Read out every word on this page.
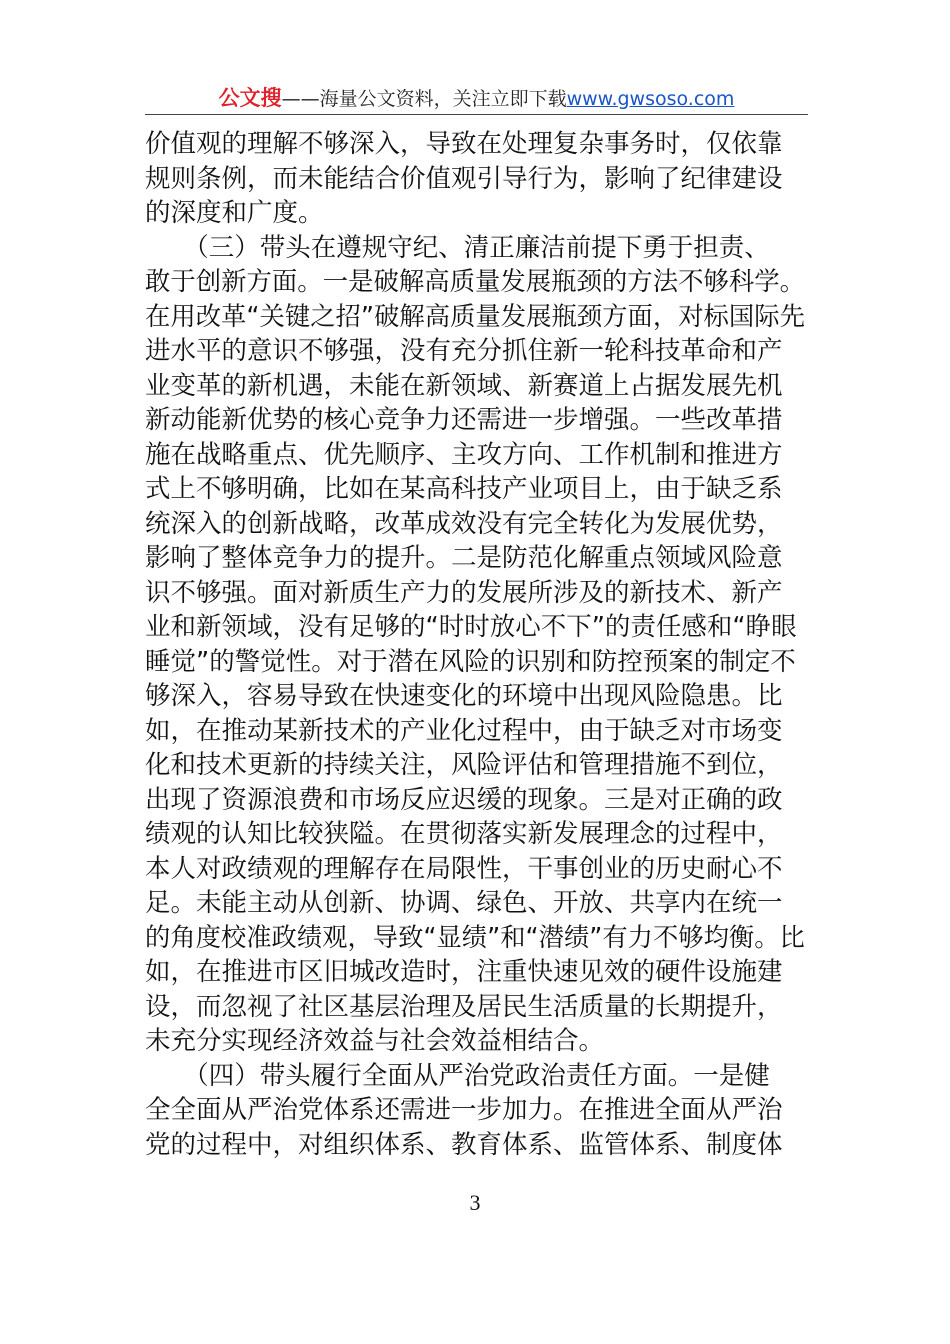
公文搜——海量公文资料，关注立即下载www.gwsoso.com
价值观的理解不够深入，导致在处理复杂事务时，仅依靠
规则条例，而未能结合价值观引导行为，影响了纪律建设
的深度和广度。
　　（三）带头在遵规守纪、清正廉洁前提下勇于担责、
敢于创新方面。一是破解高质量发展瓶颈的方法不够科学。
在用改革“关键之招”破解高质量发展瓶颈方面，对标国际先
进水平的意识不够强，没有充分抓住新一轮科技革命和产
业变革的新机遇，未能在新领域、新赛道上占据发展先机
新动能新优势的核心竞争力还需进一步增强。一些改革措
施在战略重点、优先顺序、主攻方向、工作机制和推进方
式上不够明确，比如在某高科技产业项目上，由于缺乏系
统深入的创新战略，改革成效没有完全转化为发展优势，
影响了整体竞争力的提升。二是防范化解重点领域风险意
识不够强。面对新质生产力的发展所涉及的新技术、新产
业和新领域，没有足够的“时时放心不下”的责任感和“睁眼
睡觉”的警觉性。对于潜在风险的识别和防控预案的制定不
够深入，容易导致在快速变化的环境中出现风险隐患。比
如，在推动某新技术的产业化过程中，由于缺乏对市场变
化和技术更新的持续关注，风险评估和管理措施不到位，
出现了资源浪费和市场反应迟缓的现象。三是对正确的政
绩观的认知比较狭隘。在贯彻落实新发展理念的过程中，
本人对政绩观的理解存在局限性，干事创业的历史耐心不
足。未能主动从创新、协调、绿色、开放、共享内在统一
的角度校准政绩观，导致“显绩”和“潜绩”有力不够均衡。比
如，在推进市区旧城改造时，注重快速见效的硬件设施建
设，而忽视了社区基层治理及居民生活质量的长期提升，
未充分实现经济效益与社会效益相结合。
　　（四）带头履行全面从严治党政治责任方面。一是健
全全面从严治党体系还需进一步加力。在推进全面从严治
党的过程中，对组织体系、教育体系、监管体系、制度体
3
